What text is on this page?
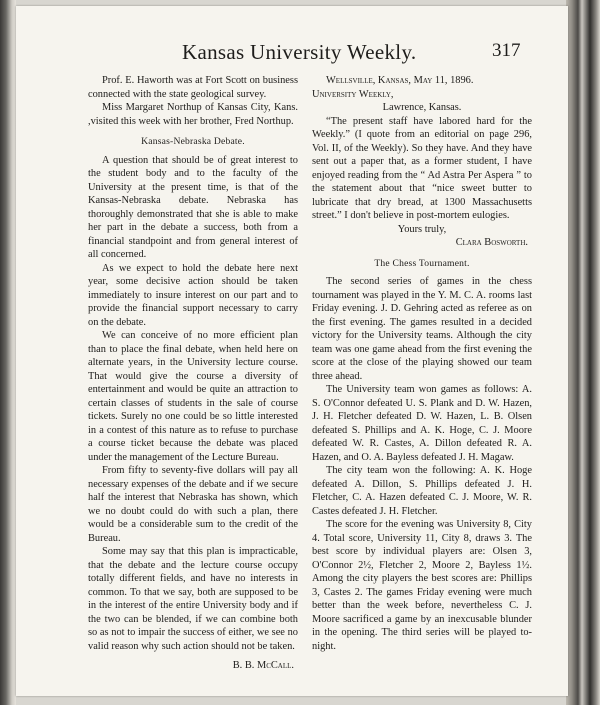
Kansas University Weekly.	317

Prof. E. Haworth was at Fort Scott on business connected with the state geological survey.

Miss Margaret Northup of Kansas City, Kans. ,visited this week with her brother, Fred Northup.

Kansas-Nebraska Debate.

A question that should be of great interest to the student body and to the faculty of the University at the present time, is that of the Kansas-Nebraska debate. Nebraska has thoroughly demonstrated that she is able to make her part in the debate a success, both from a financial standpoint and from general interest of all concerned.

As we expect to hold the debate here next year, some decisive action should be taken immediately to insure interest on our part and to provide the financial support necessary to carry on the debate.

We can conceive of no more efficient plan than to place the final debate, when held here on alternate years, in the University lecture course. That would give the course a diversity of entertainment and would be quite an attraction to certain classes of students in the sale of course tickets. Surely no one could be so little interested in a contest of this nature as to refuse to purchase a course ticket because the debate was placed under the management of the Lecture Bureau.

From fifty to seventy-five dollars will pay all necessary expenses of the debate and if we secure half the interest that Nebraska has shown, which we no doubt could do with such a plan, there would be a considerable sum to the credit of the Bureau.

Some may say that this plan is impracticable, that the debate and the lecture course occupy totally different fields, and have no interests in common. To that we say, both are supposed to be in the interest of the entire University body and if the two can be blended, if we can combine both so as not to impair the success of either, we see no valid reason why such action should not be taken.

B. B. McCall.

Wellsville, Kansas, May 11, 1896.

University Weekly,

Lawrence, Kansas.

“The present staff have labored hard for the Weekly.” (I quote from an editorial on page 296, Vol. II, of the Weekly). So they have. And they have sent out a paper that, as a former student, I have enjoyed reading from the “ Ad Astra Per Aspera ” to the statement about that “nice sweet butter to lubricate that dry bread, at 1300 Massachusetts street.” I don't believe in post-mortem eulogies.

Yours truly,

Clara Bosworth.

The Chess Tournament.

The second series of games in the chess tournament was played in the Y. M. C. A. rooms last Friday evening. J. D. Gehring acted as referee as on the first evening. The games resulted in a decided victory for the University teams. Although the city team was one game ahead from the first evening the score at the close of the playing showed our team three ahead.

The University team won games as follows: A. S. O'Connor defeated U. S. Plank and D. W. Hazen, J. H. Fletcher defeated D. W. Hazen, L. B. Olsen defeated S. Phillips and A. K. Hoge, C. J. Moore defeated W. R. Castes, A. Dillon defeated R. A. Hazen, and O. A. Bayless defeated J. H. Magaw.

The city team won the following: A. K. Hoge defeated A. Dillon, S. Phillips defeated J. H. Fletcher, C. A. Hazen defeated C. J. Moore, W. R. Castes defeated J. H. Fletcher.

The score for the evening was University 8, City 4. Total score, University 11, City 8, draws 3. The best score by individual players are: Olsen 3, O'Connor 2½, Fletcher 2, Moore 2, Bayless 1½. Among the city players the best scores are: Phillips 3, Castes 2. The games Friday evening were much better than the week before, nevertheless C. J. Moore sacrificed a game by an inexcusable blunder in the opening. The third series will be played to-night.
